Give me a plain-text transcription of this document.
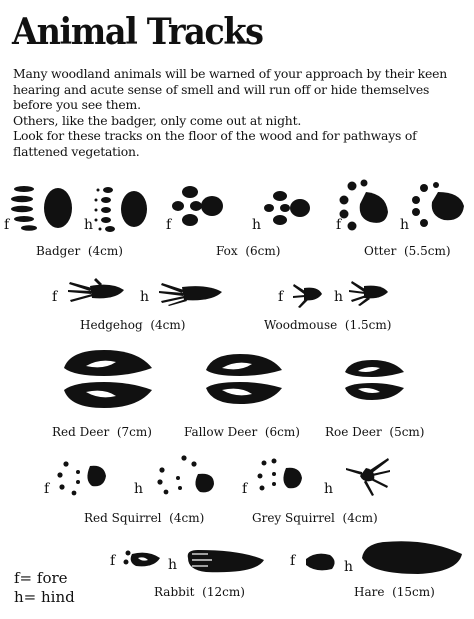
Animal Tracks

Many woodland animals will be warned of your approach by their keen hearing and acute sense of smell and will run off or hide themselves before you see them.

Others, like the badger, only come out at night.

Look for these tracks on the floor of the wood and for pathways of flattened vegetation.

f	h	f	h	f	h
Badger (4cm)	Fox (6cm)	Otter (5.5cm)
f	h	f	h
Hedgehog (4cm)	Woodmouse (1.5cm)
Red Deer (7cm)	Fallow Deer (6cm) Roe Deer (5cm)
f	h	f	h
Red Squirrel (4cm)	Grey Squirrel (4cm)
f	h	f	h
Rabbit (12cm)	Hare (15cm)
f= fore
h= hind
